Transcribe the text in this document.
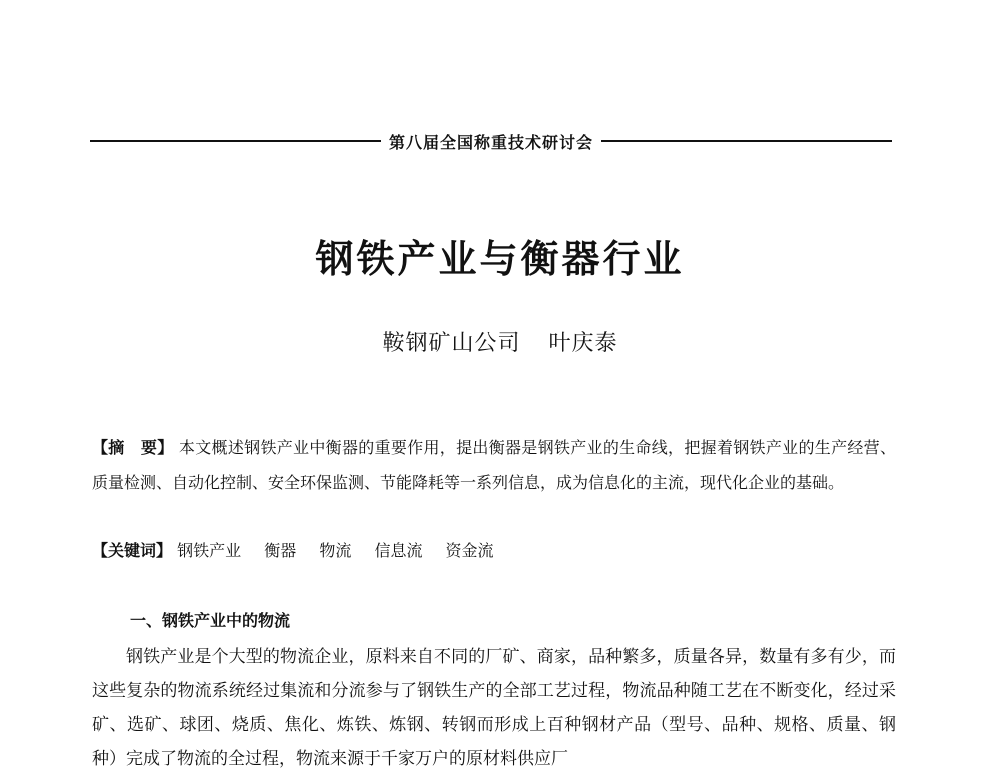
第八届全国称重技术研讨会
钢铁产业与衡器行业
鞍钢矿山公司 叶庆泰
【摘　要】 本文概述钢铁产业中衡器的重要作用，提出衡器是钢铁产业的生命线，把握着钢铁产业的生产经营、质量检测、自动化控制、安全环保监测、节能降耗等一系列信息，成为信息化的主流，现代化企业的基础。
【关键词】 钢铁产业 衡器 物流 信息流 资金流
一、钢铁产业中的物流
钢铁产业是个大型的物流企业，原料来自不同的厂矿、商家，品种繁多，质量各异，数量有多有少，而这些复杂的物流系统经过集流和分流参与了钢铁生产的全部工艺过程，物流品种随工艺在不断变化，经过采矿、选矿、球团、烧质、焦化、炼铁、炼钢、转钢而形成上百种钢材产品（型号、品种、规格、质量、钢种）完成了物流的全过程，物流来源于千家万户的原材料供应厂
